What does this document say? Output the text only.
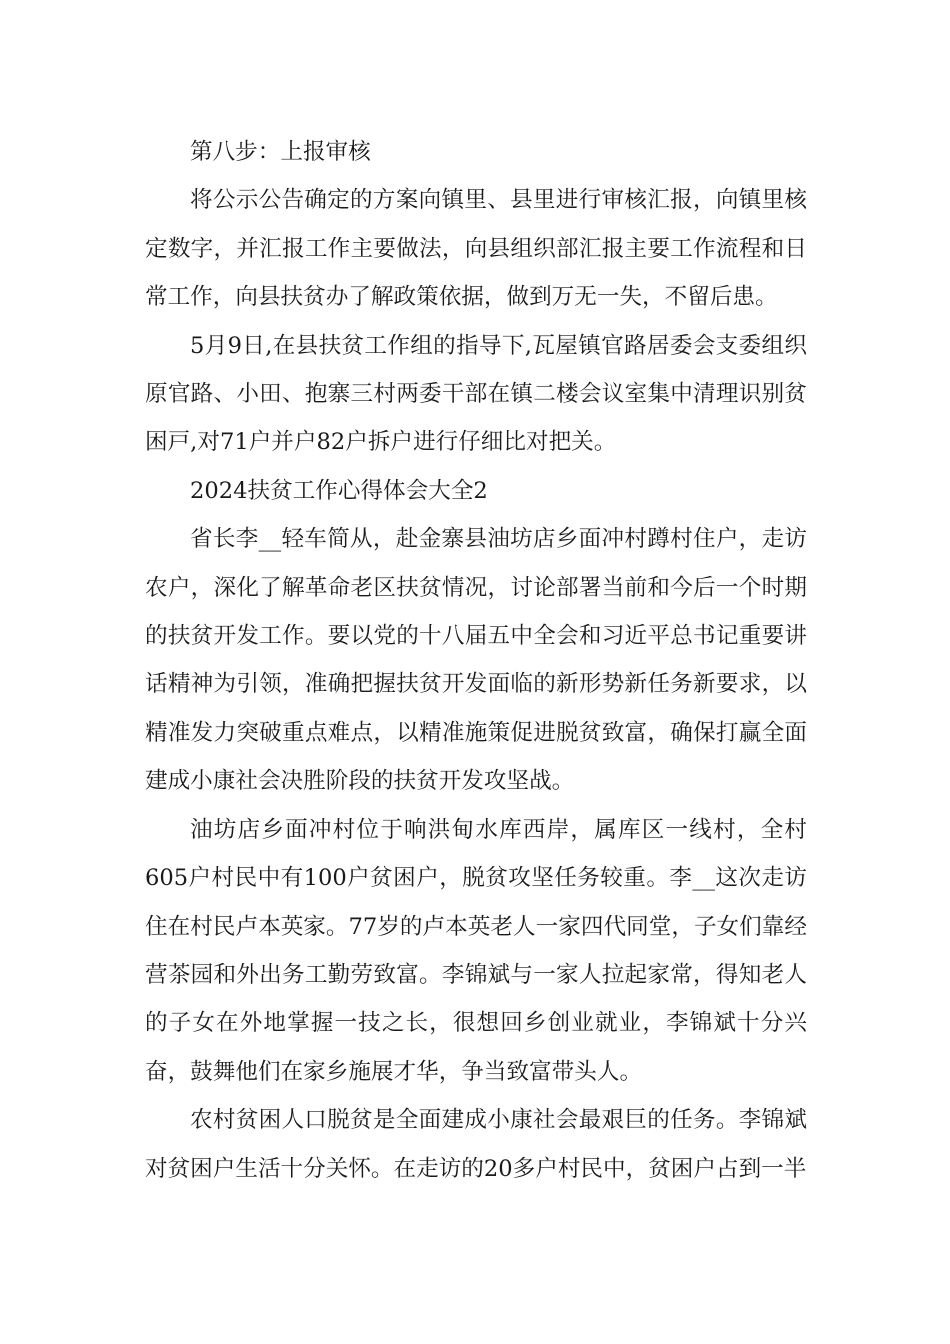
第八步：上报审核

将公示公告确定的方案向镇里、县里进行审核汇报，向镇里核定数字，并汇报工作主要做法，向县组织部汇报主要工作流程和日常工作，向县扶贫办了解政策依据，做到万无一失，不留后患。

5月9日,在县扶贫工作组的指导下,瓦屋镇官路居委会支委组织原官路、小田、抱寨三村两委干部在镇二楼会议室集中清理识别贫困戸,对71户并户82户拆户进行仔细比对把关。

2024扶贫工作心得体会大全2

省长李__轻车简从，赴金寨县油坊店乡面冲村蹲村住户，走访农户，深化了解革命老区扶贫情况，讨论部署当前和今后一个时期的扶贫开发工作。要以党的十八届五中全会和习近平总书记重要讲话精神为引领，准确把握扶贫开发面临的新形势新任务新要求，以精准发力突破重点难点，以精准施策促进脱贫致富，确保打赢全面建成小康社会决胜阶段的扶贫开发攻坚战。

油坊店乡面冲村位于响洪甸水库西岸，属库区一线村，全村605户村民中有100户贫困户，脱贫攻坚任务较重。李__这次走访住在村民卢本英家。77岁的卢本英老人一家四代同堂，子女们靠经营茶园和外出务工勤劳致富。李锦斌与一家人拉起家常，得知老人的子女在外地掌握一技之长，很想回乡创业就业，李锦斌十分兴奋，鼓舞他们在家乡施展才华，争当致富带头人。

农村贫困人口脱贫是全面建成小康社会最艰巨的任务。李锦斌对贫困户生活十分关怀。在走访的20多户村民中，贫困户占到一半
